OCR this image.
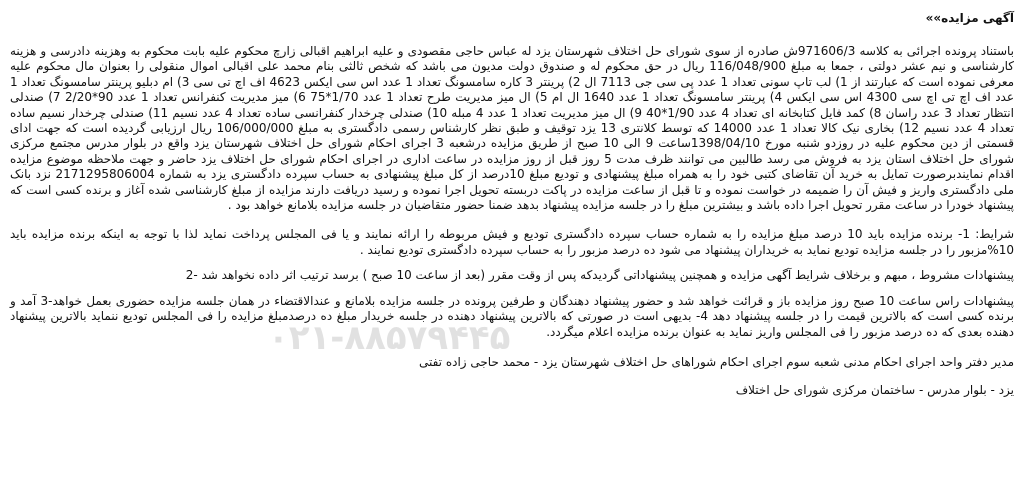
آگهی مزایده»»

باستناد پرونده اجرائی به کلاسه 971606/3ش صادره از سوی شورای حل اختلاف شهرستان یزد له عباس حاجی مقصودی و علیه ابراهیم اقبالی زارچ محکوم علیه بابت محکوم به وهزینه دادرسی و هزینه کارشناسی و نیم عشر دولتی ، جمعا به مبلغ 116/048/900 ریال در حق محکوم له و صندوق دولت مدیون می باشد که شخص ثالثی بنام محمد علی اقبالی اموال منقولی را بعنوان مال محکوم علیه معرفی نموده است که عبارتند از 1) لب تاپ سونی تعداد 1 عدد پی سی جی 7113 ال 2) پرینتر 3 کاره سامسونگ تعداد 1 عدد اس سی ایکس 4623 اف اچ تی سی 3) ام دبلیو پرینتر سامسونگ تعداد 1 عدد اف اچ تی اچ سی 4300 اس سی ایکس 4) پرینتر سامسونگ تعداد 1 عدد 1640 ال ام 5) ال میز مدیریت طرح تعداد 1 عدد 1/70*75 6) میز مدیریت کنفرانس تعداد 1 عدد 90*2/20 7) صندلی انتظار تعداد 3 عدد راسان 8) کمد فایل کتابخانه ای تعداد 4 عدد 1/90*40 9) ال میز مدیریت تعداد 1 عدد 4 مبله 10) صندلی چرخدار کنفرانسی ساده تعداد 4 عدد نسیم 11) صندلی چرخدار نسیم ساده تعداد 4 عدد نسیم 12) بخاری نیک کالا تعداد 1 عدد 14000 که توسط کلانتری 13 یزد توقیف و طبق نظر کارشناس رسمی دادگستری به مبلغ 106/000/000 ریال ارزیابی گردیده است که جهت ادای قسمتی از دین محکوم علیه در روزدو شنبه مورخ 1398/04/10ساعت 9 الی 10 صبح از طریق مزایده درشعبه 3 اجرای احکام شورای حل اختلاف شهرستان یزد واقع در بلوار مدرس مجتمع مرکزی شورای حل اختلاف استان یزد به فروش می رسد طالبین می توانند ظرف مدت 5 روز قبل از روز مزایده در ساعت اداری در اجرای احکام شورای حل اختلاف یزد حاضر و جهت ملاحظه موضوع مزایده اقدام نمایندبرصورت تمایل به خرید آن تقاضای کتبی خود را به همراه مبلغ پیشنهادی و تودیع مبلغ 10درصد از کل مبلغ پیشنهادی به حساب سپرده دادگستری یزد به شماره 2171295806004 نزد بانک ملی دادگستری واریز و فیش آن را ضمیمه در خواست نموده و تا قبل از ساعت مزایده در پاکت دربسته تحویل اجرا نموده و رسید دریافت دارند مزایده از مبلغ کارشناسی شده آغاز و برنده کسی است که پیشنهاد خودرا در ساعت مقرر تحویل اجرا داده باشد و بیشترین مبلغ را در جلسه مزایده پیشنهاد بدهد ضمنا حضور متقاضیان در جلسه مزایده بلامانع خواهد بود .

شرایط: 1- برنده مزایده باید 10 درصد مبلغ مزایده را به شماره حساب سپرده دادگستری تودیع و فیش مربوطه را ارائه نمایند و یا فی المجلس پرداخت نماید لذا با توجه به اینکه برنده مزایده باید 10%مزبور را در جلسه مزایده تودیع نماید به خریداران پیشنهاد می شود ده درصد مزبور را به حساب سپرده دادگستری تودیع نمایند .

پیشنهادات مشروط ، مبهم و برخلاف شرایط آگهی مزایده و همچنین پیشنهاداتی گردیدکه پس از وقت مقرر (بعد از ساعت 10 صبح ) برسد ترتیب اثر داده نخواهد شد -2

پیشنهادات راس ساعت 10 صبح روز مزایده باز و قرائت خواهد شد و حضور پیشنهاد دهندگان و طرفین پرونده در جلسه مزایده بلامانع و عندالاقتضاء در همان جلسه مزایده حضوری بعمل خواهد-3 آمد و برنده کسی است که بالاترین قیمت را در جلسه پیشنهاد دهد 4- بدیهی است در صورتی که بالاترین پیشنهاد دهنده در جلسه خریدار مبلغ ده درصدمبلغ مزایده را فی المجلس تودیع ننماید بالاترین پیشنهاد دهنده بعدی که ده درصد مزبور را فی المجلس واریز نماید به عنوان برنده مزایده اعلام میگردد.

مدیر دفتر واحد اجرای احکام مدنی شعبه سوم اجرای احکام شوراهای حل اختلاف شهرستان یزد - محمد حاجی زاده تفتی

یزد - بلوار مدرس - ساختمان مرکزی شورای حل اختلاف

۰۲۱-۸۸۵۷۹۴۴۵
